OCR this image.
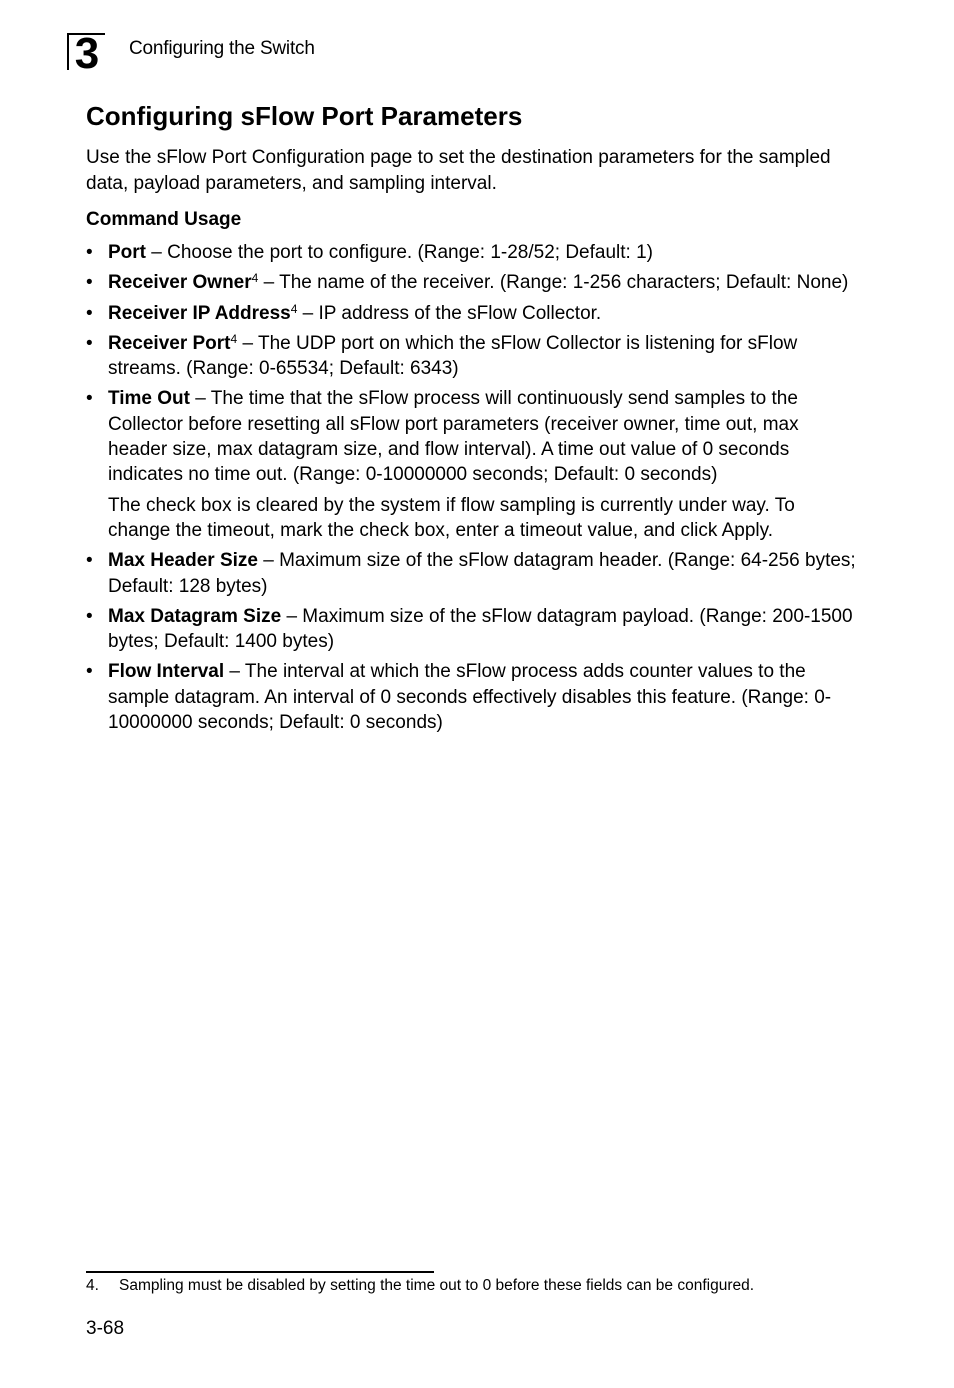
3 Configuring the Switch
Configuring sFlow Port Parameters

Use the sFlow Port Configuration page to set the destination parameters for the sampled data, payload parameters, and sampling interval.

Command Usage
• Port – Choose the port to configure. (Range: 1-28/52; Default: 1)
• Receiver Owner$^4$ – The name of the receiver. (Range: 1-256 characters; Default: None)
• Receiver IP Address$^4$ – IP address of the sFlow Collector.
• Receiver Port$^4$ – The UDP port on which the sFlow Collector is listening for sFlow streams. (Range: 0-65534; Default: 6343)
• Time Out – The time that the sFlow process will continuously send samples to the Collector before resetting all sFlow port parameters (receiver owner, time out, max header size, max datagram size, and flow interval). A time out value of 0 seconds indicates no time out. (Range: 0-10000000 seconds; Default: 0 seconds)
The check box is cleared by the system if flow sampling is currently under way. To change the timeout, mark the check box, enter a timeout value, and click Apply.
• Max Header Size – Maximum size of the sFlow datagram header. (Range: 64-256 bytes; Default: 128 bytes)
• Max Datagram Size – Maximum size of the sFlow datagram payload. (Range: 200-1500 bytes; Default: 1400 bytes)
• Flow Interval – The interval at which the sFlow process adds counter values to the sample datagram. An interval of 0 seconds effectively disables this feature. (Range: 0-10000000 seconds; Default: 0 seconds)
4. Sampling must be disabled by setting the time out to 0 before these fields can be configured.
3-68
